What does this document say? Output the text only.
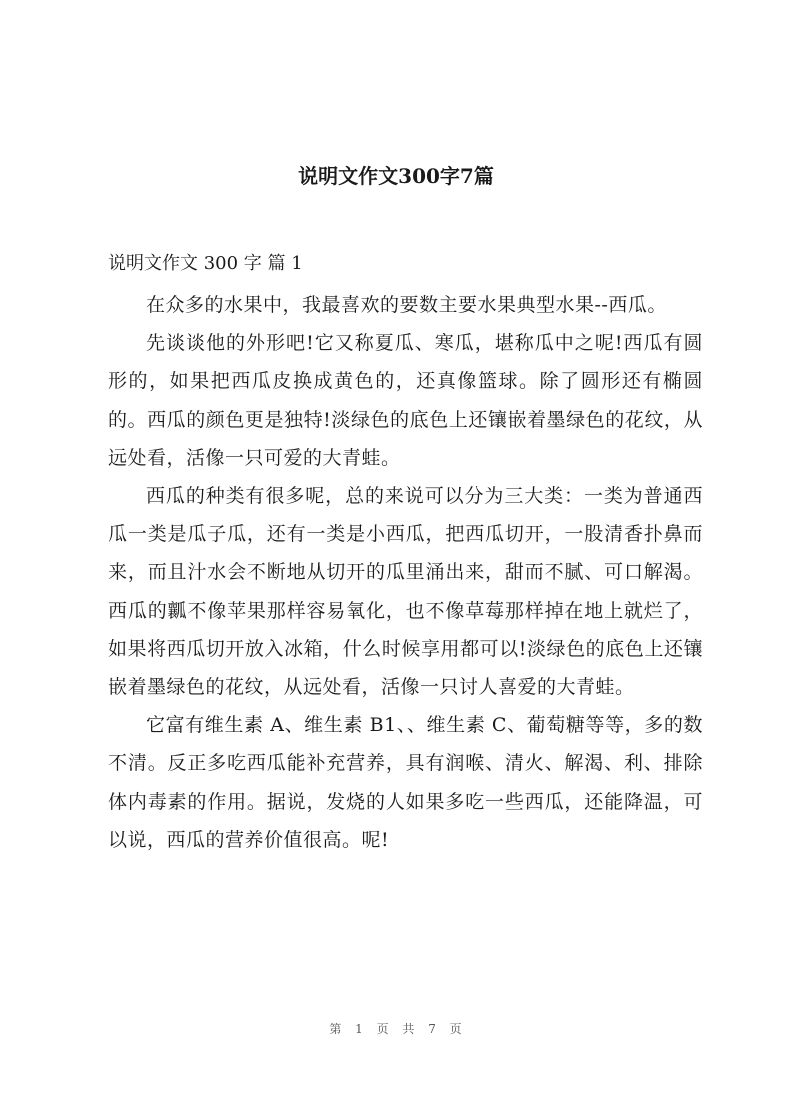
说明文作文300字7篇
说明文作文 300 字 篇 1

在众多的水果中，我最喜欢的要数主要水果典型水果--西瓜。

先谈谈他的外形吧!它又称夏瓜、寒瓜，堪称瓜中之呢!西瓜有圆形的，如果把西瓜皮换成黄色的，还真像篮球。除了圆形还有椭圆的。西瓜的颜色更是独特!淡绿色的底色上还镶嵌着墨绿色的花纹，从远处看，活像一只可爱的大青蛙。

西瓜的种类有很多呢，总的来说可以分为三大类：一类为普通西瓜一类是瓜子瓜，还有一类是小西瓜，把西瓜切开，一股清香扑鼻而来，而且汁水会不断地从切开的瓜里涌出来，甜而不腻、可口解渴。西瓜的瓤不像苹果那样容易氧化，也不像草莓那样掉在地上就烂了，如果将西瓜切开放入冰箱，什么时候享用都可以!淡绿色的底色上还镶嵌着墨绿色的花纹，从远处看，活像一只讨人喜爱的大青蛙。

它富有维生素 A、维生素 B1、、维生素 C、葡萄糖等等，多的数不清。反正多吃西瓜能补充营养，具有润喉、清火、解渴、利、排除体内毒素的作用。据说，发烧的人如果多吃一些西瓜，还能降温，可以说，西瓜的营养价值很高。呢!

第 1 页 共 7 页
